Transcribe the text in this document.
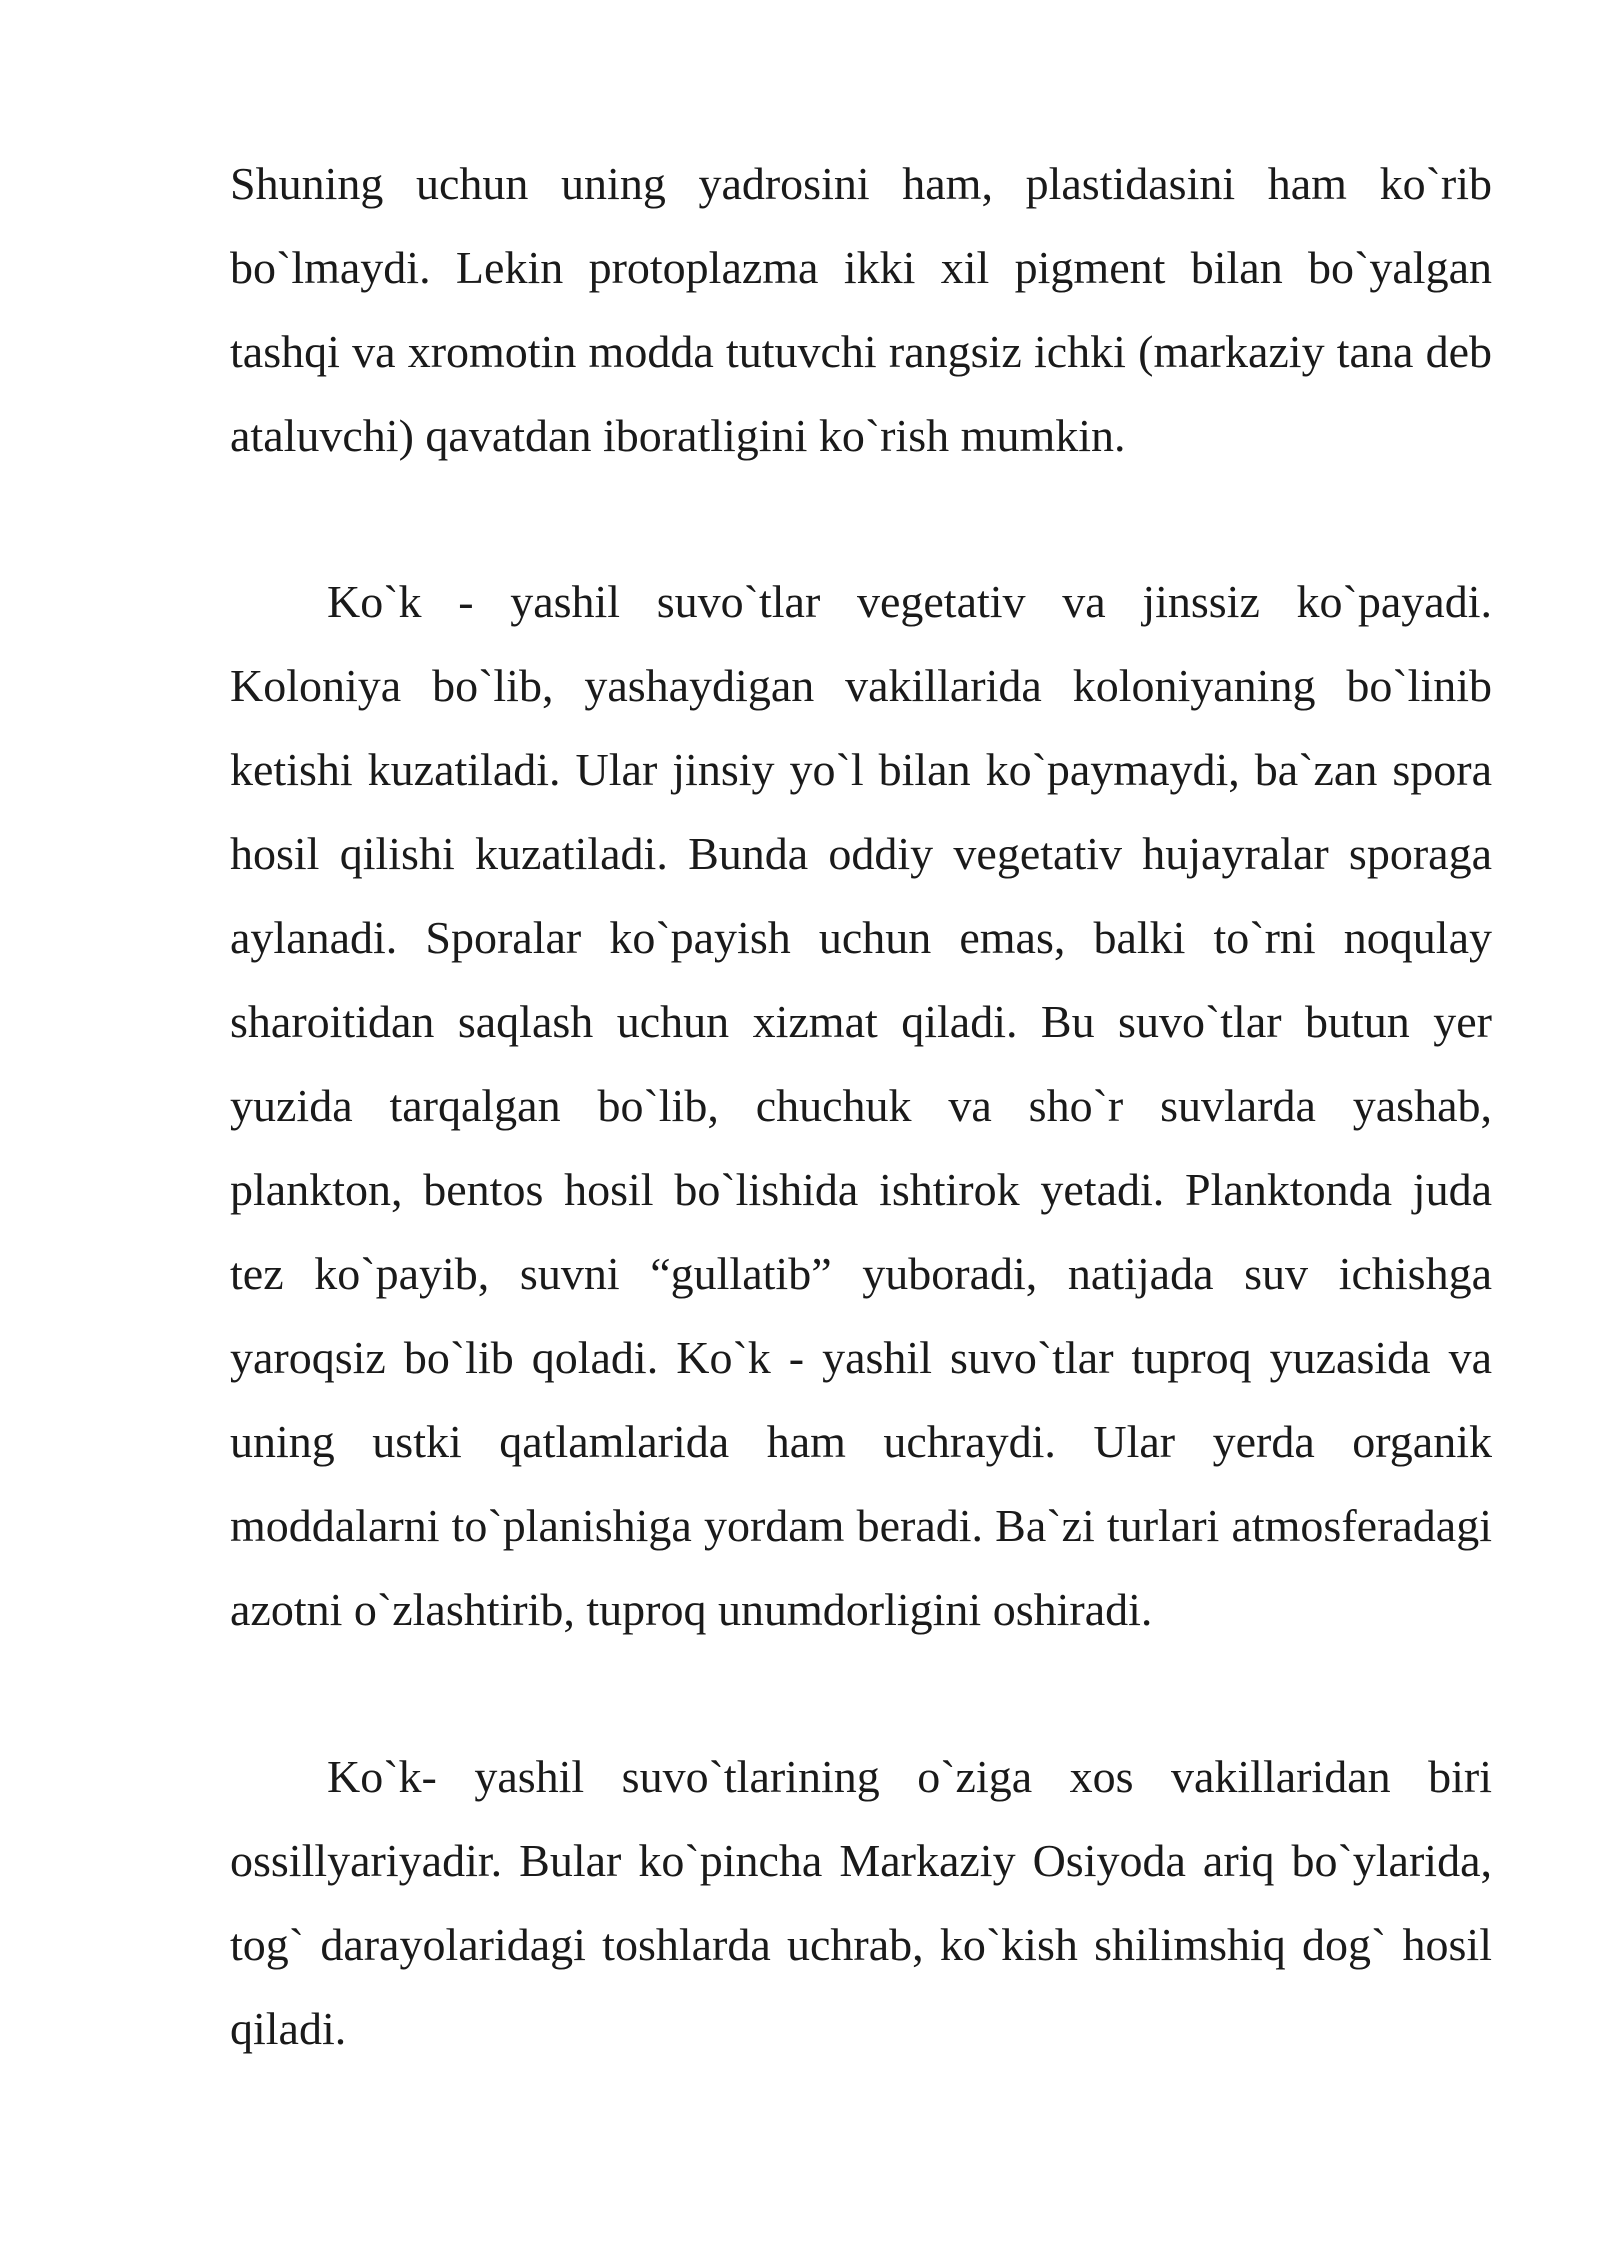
Shuning uchun uning yadrosini ham, plastidasini ham ko`rib bo`lmaydi. Lekin protoplazma ikki xil pigment bilan bo`yalgan tashqi va xromotin modda tutuvchi rangsiz ichki (markaziy tana deb ataluvchi) qavatdan iboratligini ko`rish mumkin.

Ko`k - yashil suvo`tlar vegetativ va jinssiz ko`payadi. Koloniya bo`lib, yashaydigan vakillarida koloniyaning bo`linib ketishi kuzatiladi. Ular jinsiy yo`l bilan ko`paymaydi, ba`zan spora hosil qilishi kuzatiladi. Bunda oddiy vegetativ hujayralar sporaga aylanadi. Sporalar ko`payish uchun emas, balki to`rni noqulay sharoitidan saqlash uchun xizmat qiladi. Bu suvo`tlar butun yer yuzida tarqalgan bo`lib, chuchuk va sho`r suvlarda yashab, plankton, bentos hosil bo`lishida ishtirok yetadi. Planktonda juda tez ko`payib, suvni “gullatib” yuboradi, natijada suv ichishga yaroqsiz bo`lib qoladi. Ko`k - yashil suvo`tlar tuproq yuzasida va uning ustki qatlamlarida ham uchraydi. Ular yerda organik moddalarni to`planishiga yordam beradi. Ba`zi turlari atmosferadagi azotni o`zlashtirib, tuproq unumdorligini oshiradi.

Ko`k- yashil suvo`tlarining o`ziga xos vakillaridan biri ossillyariyadir. Bular ko`pincha Markaziy Osiyoda ariq bo`ylarida, tog` darayolaridagi toshlarda uchrab, ko`kish shilimshiq dog` hosil qiladi.
